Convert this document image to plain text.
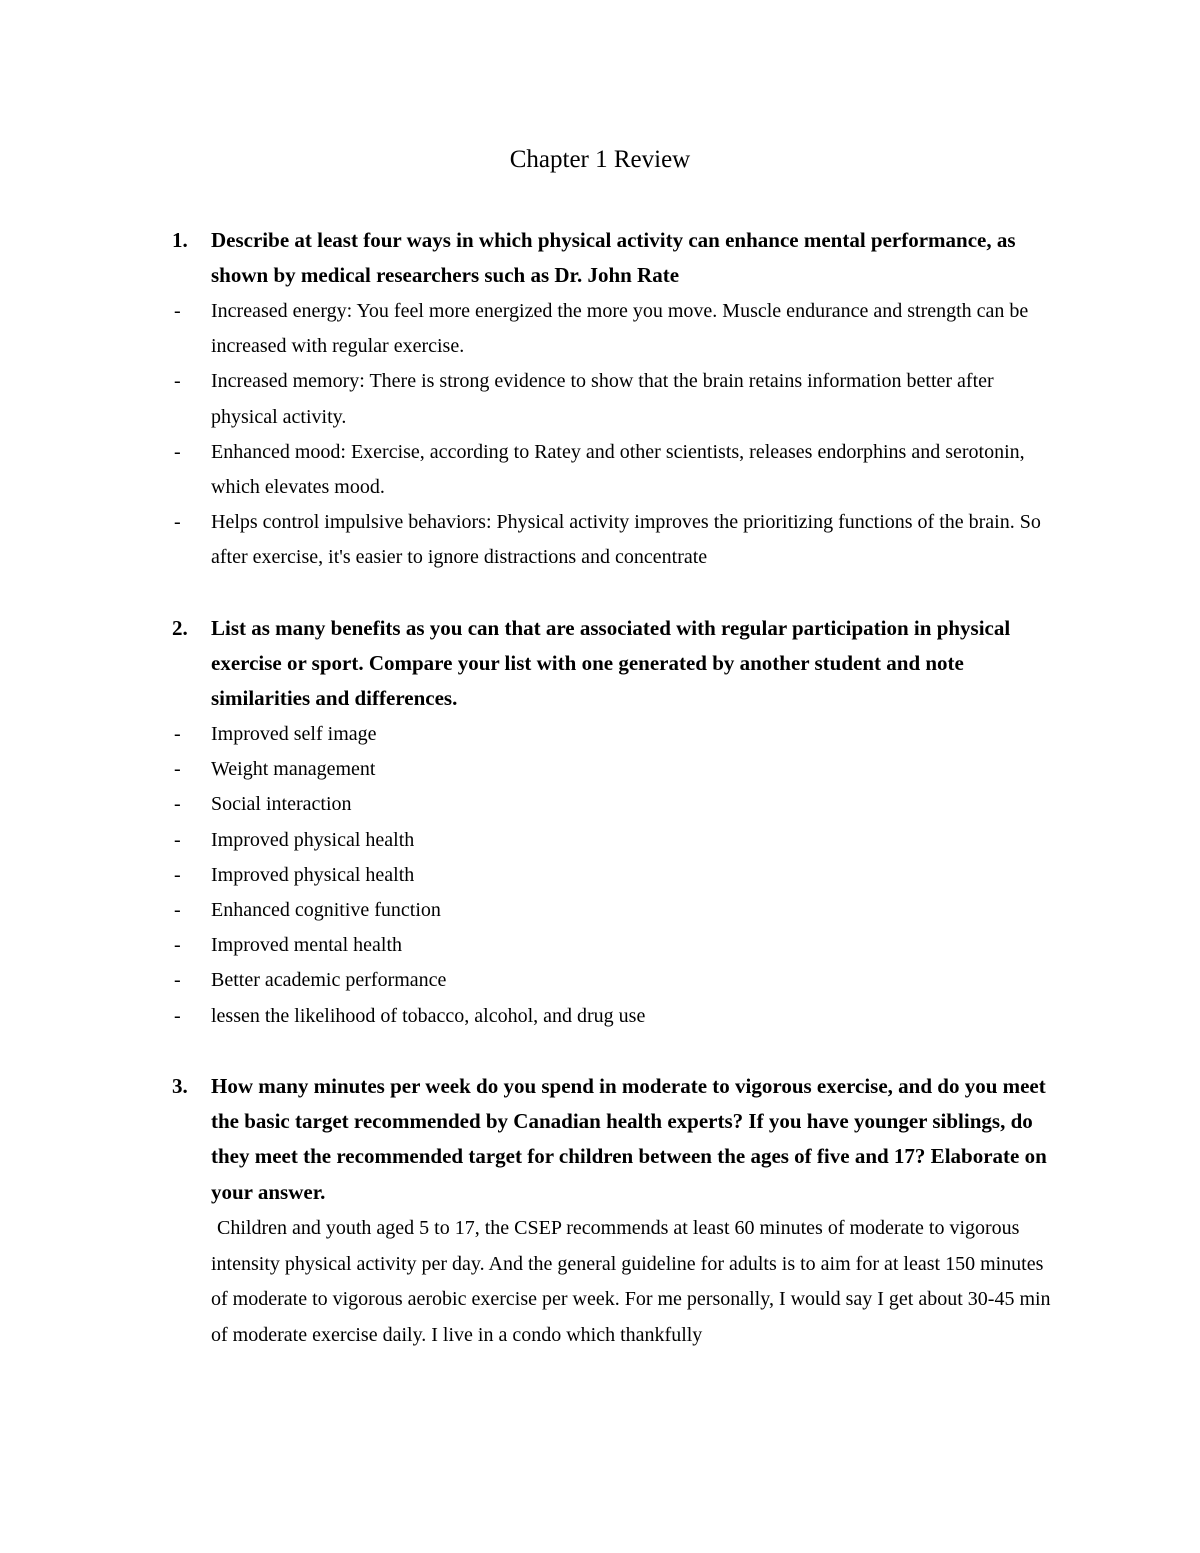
Chapter 1 Review
1.	Describe at least four ways in which physical activity can enhance mental performance, as shown by medical researchers such as Dr. John Rate
- Increased energy: You feel more energized the more you move. Muscle endurance and strength can be increased with regular exercise.
- Increased memory: There is strong evidence to show that the brain retains information better after physical activity.
- Enhanced mood: Exercise, according to Ratey and other scientists, releases endorphins and serotonin, which elevates mood.
- Helps control impulsive behaviors: Physical activity improves the prioritizing functions of the brain. So after exercise, it's easier to ignore distractions and concentrate
2.	List as many benefits as you can that are associated with regular participation in physical exercise or sport. Compare your list with one generated by another student and note similarities and differences.
- Improved self image
- Weight management
- Social interaction
- Improved physical health
- Improved physical health
- Enhanced cognitive function
- Improved mental health
- Better academic performance
- lessen the likelihood of tobacco, alcohol, and drug use
3.	How many minutes per week do you spend in moderate to vigorous exercise, and do you meet the basic target recommended by Canadian health experts? If you have younger siblings, do they meet the recommended target for children between the ages of five and 17? Elaborate on your answer.

Children and youth aged 5 to 17, the CSEP recommends at least 60 minutes of moderate to vigorous intensity physical activity per day. And the general guideline for adults is to aim for at least 150 minutes of moderate to vigorous aerobic exercise per week. For me personally, I would say I get about 30-45 min of moderate exercise daily. I live in a condo which thankfully
